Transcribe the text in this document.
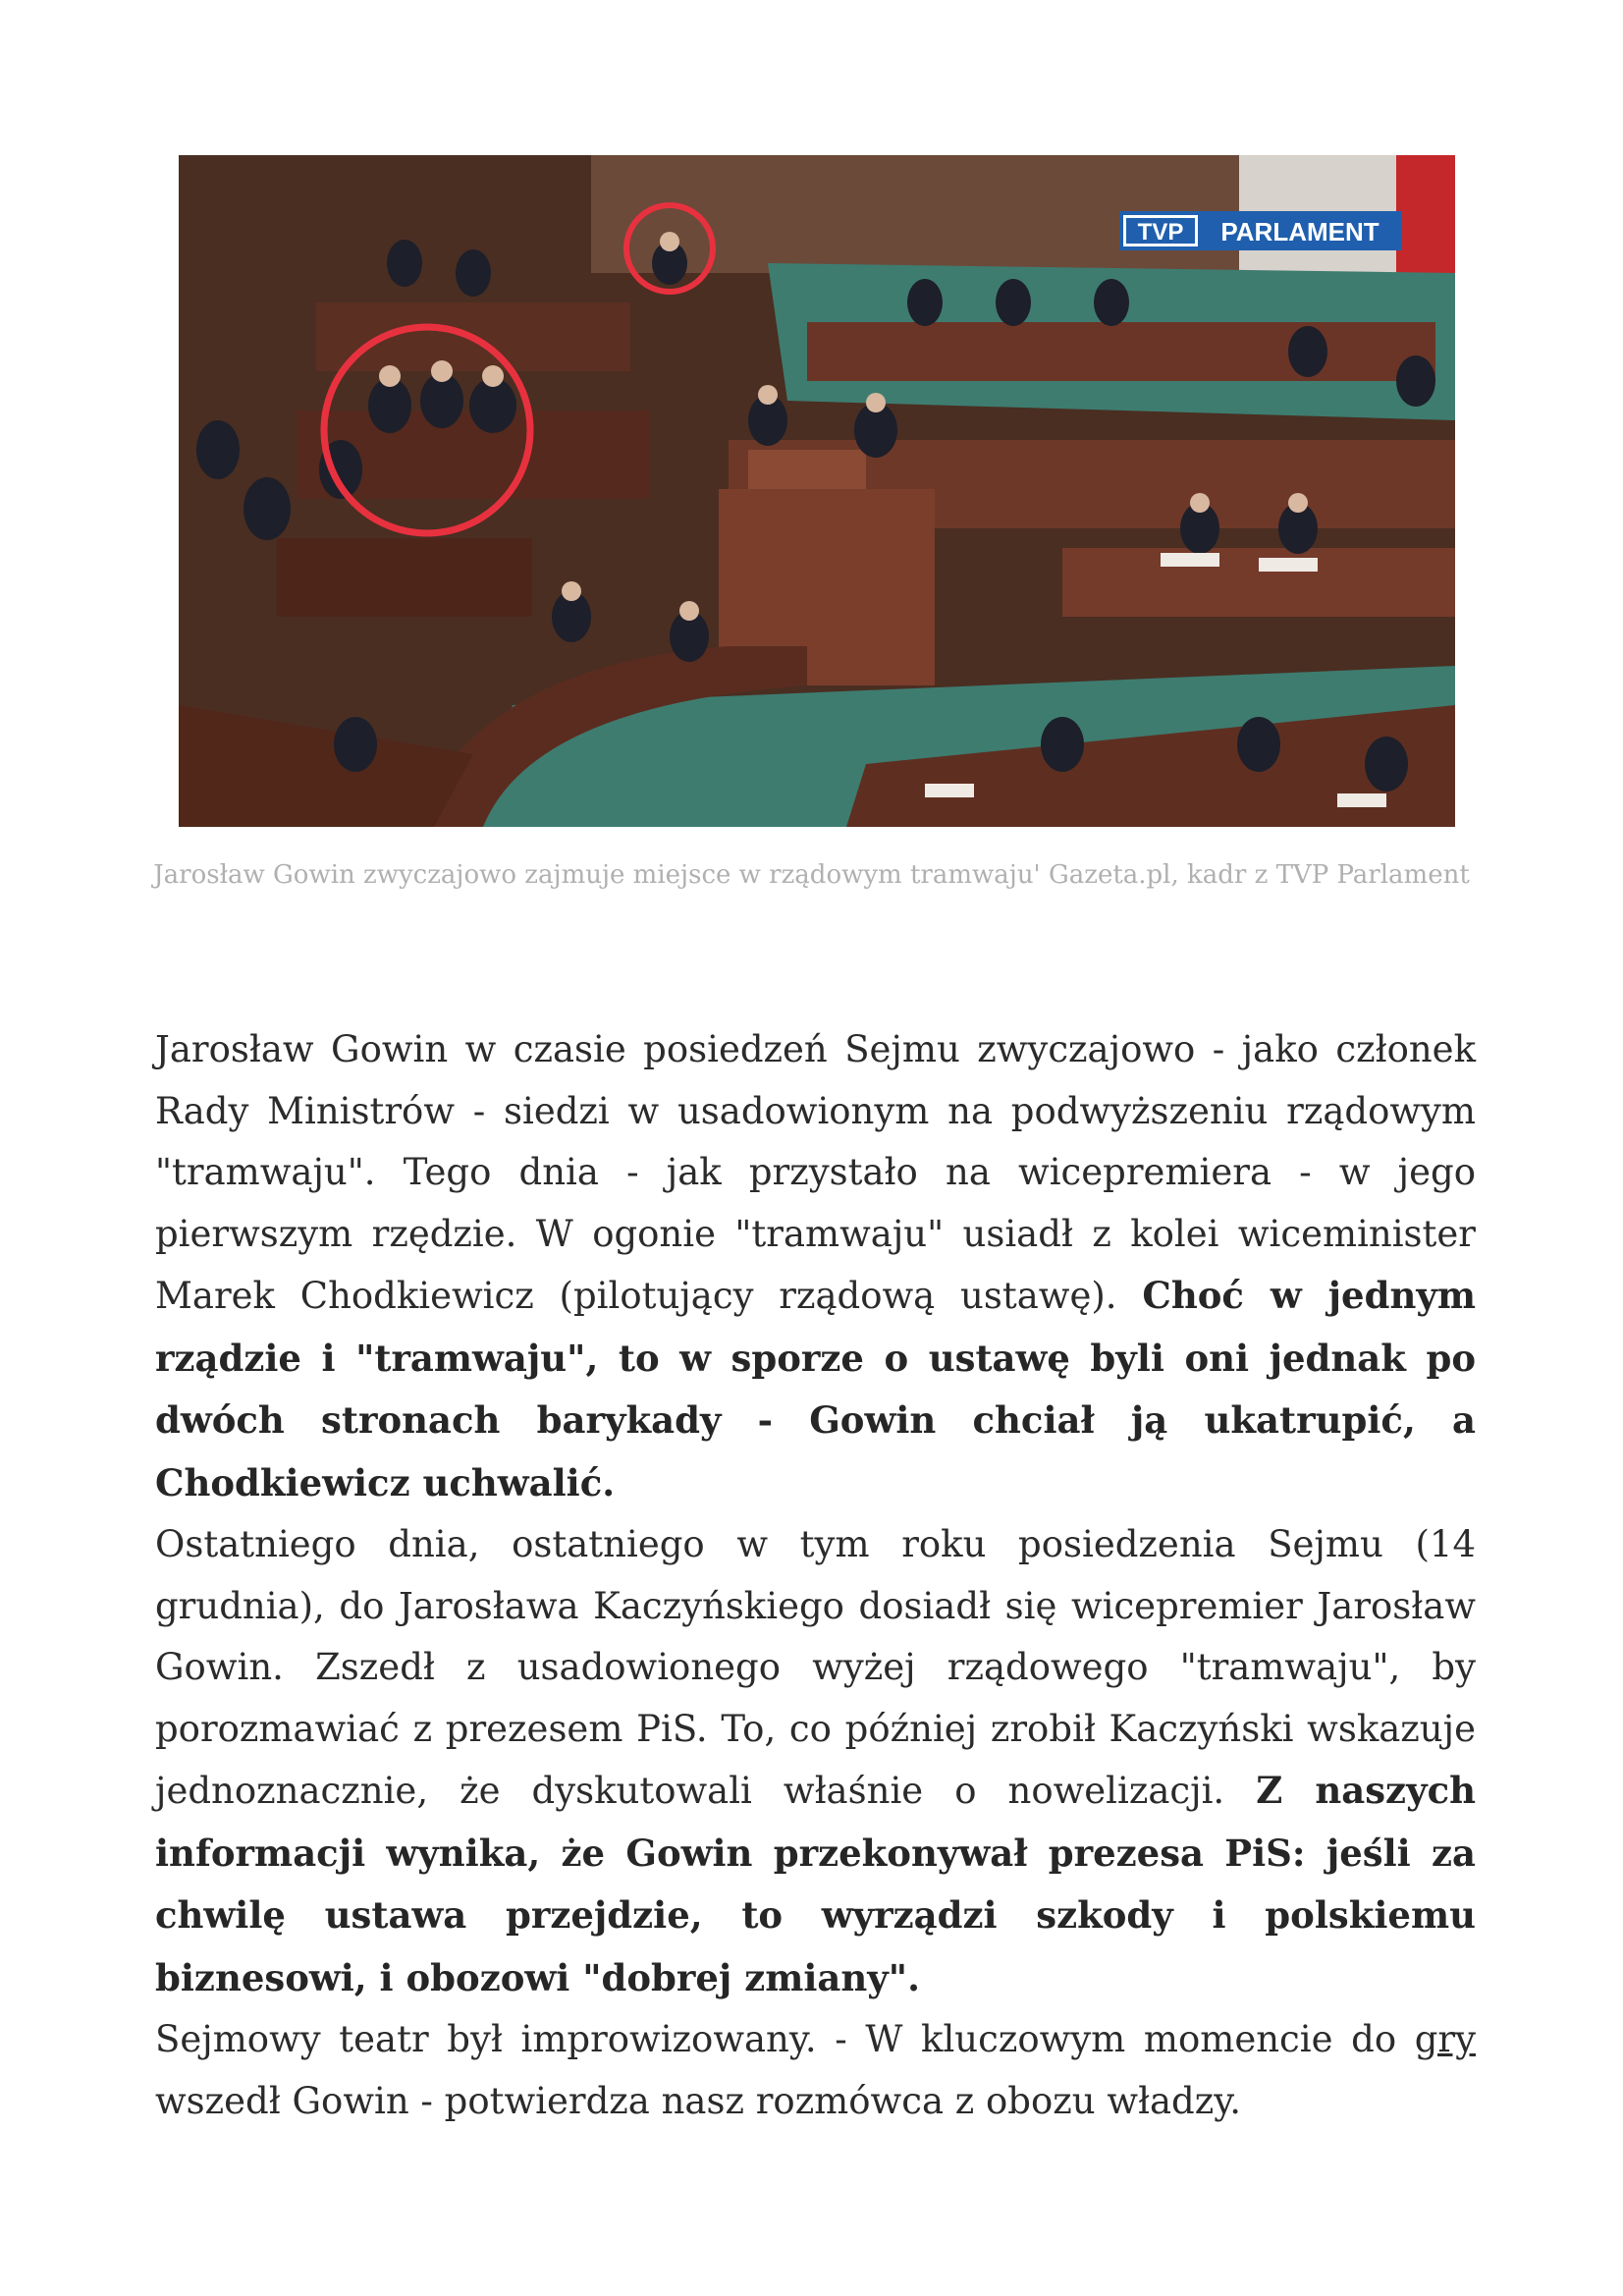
TVP PARLAMENT
Jarosław Gowin zwyczajowo zajmuje miejsce w rządowym tramwaju' Gazeta.pl, kadr z TVP Parlament

Jarosław Gowin w czasie posiedzeń Sejmu zwyczajowo - jako członek Rady Ministrów - siedzi w usadowionym na podwyższeniu rządowym "tramwaju". Tego dnia - jak przystało na wicepremiera - w jego pierwszym rzędzie. W ogonie "tramwaju" usiadł z kolei wiceminister Marek Chodkiewicz (pilotujący rządową ustawę). Choć w jednym rządzie i "tramwaju", to w sporze o ustawę byli oni jednak po dwóch stronach barykady - Gowin chciał ją ukatrupić, a Chodkiewicz uchwalić.

Ostatniego dnia, ostatniego w tym roku posiedzenia Sejmu (14 grudnia), do Jarosława Kaczyńskiego dosiadł się wicepremier Jarosław Gowin. Zszedł z usadowionego wyżej rządowego "tramwaju", by porozmawiać z prezesem PiS. To, co później zrobił Kaczyński wskazuje jednoznacznie, że dyskutowali właśnie o nowelizacji. Z naszych informacji wynika, że Gowin przekonywał prezesa PiS: jeśli za chwilę ustawa przejdzie, to wyrządzi szkody i polskiemu biznesowi, i obozowi "dobrej zmiany".

Sejmowy teatr był improwizowany. - W kluczowym momencie do gry wszedł Gowin - potwierdza nasz rozmówca z obozu władzy.
